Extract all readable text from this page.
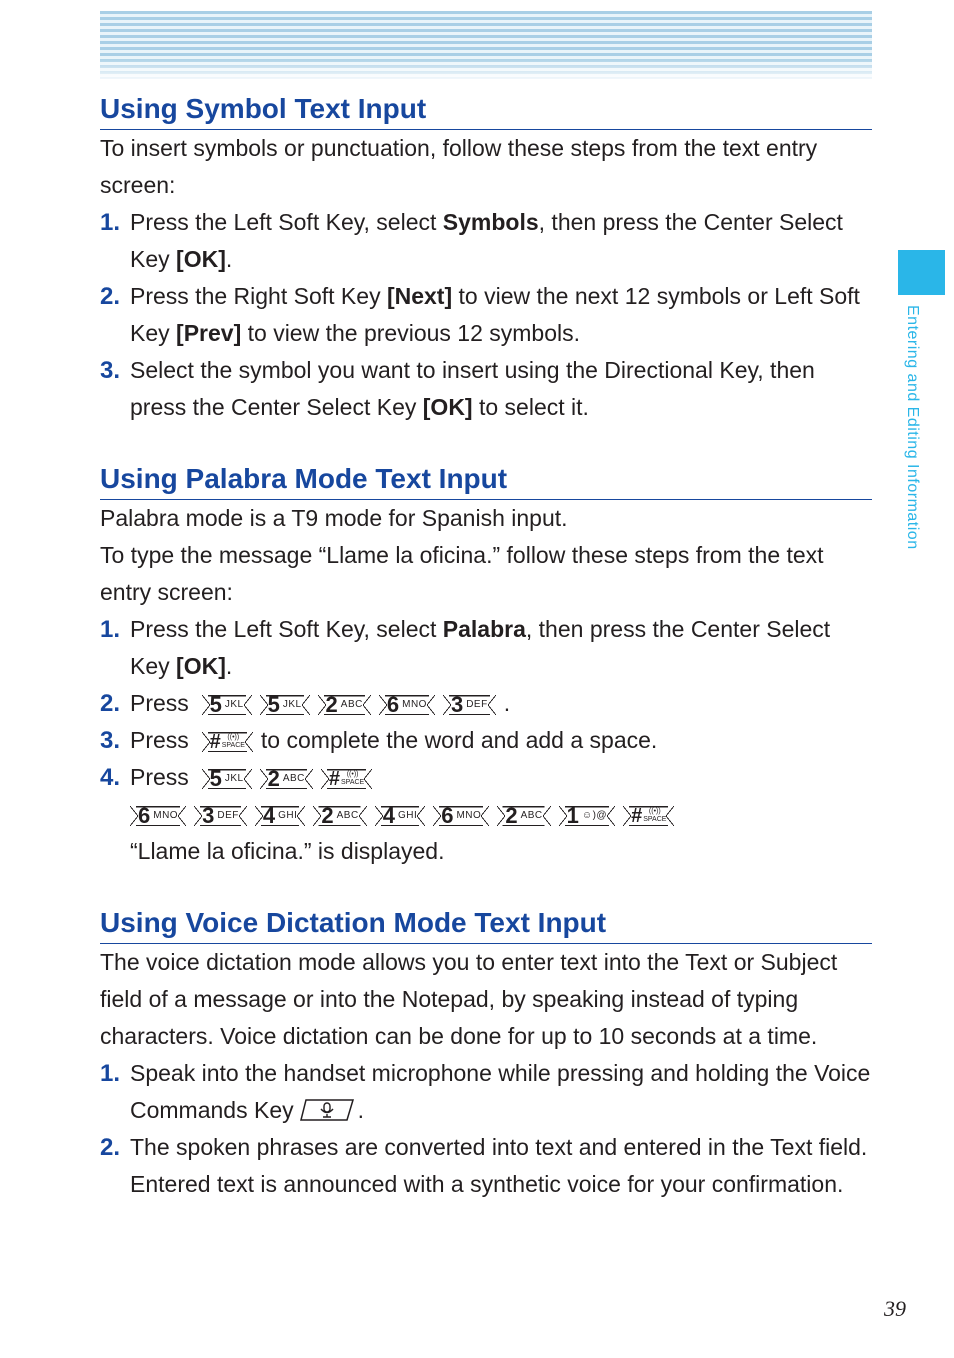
Entering and Editing Information
Using Symbol Text Input

To insert symbols or punctuation, follow these steps from the text entry screen:

1. Press the Left Soft Key, select Symbols, then press the Center Select Key [OK].
2. Press the Right Soft Key [Next] to view the next 12 symbols or Left Soft Key [Prev] to view the previous 12 symbols.
3. Select the symbol you want to insert using the Directional Key, then press the Center Select Key [OK] to select it.
Using Palabra Mode Text Input

Palabra mode is a T9 mode for Spanish input.

To type the message “Llame la oficina.” follow these steps from the text entry screen:

1. Press the Left Soft Key, select Palabra, then press the Center Select Key [OK].
2. Press 5 $^{JKL}$ 5 $^{JKL}$ 2 $^{ABC}$ 6 $^{MNO}$ 3 $^{DEF}$ .
3. Press # ((•))
SPACE to complete the word and add a space.
4. Press 5 $^{JKL}$ 2 $^{ABC}$ # ((•))
SPACE
6 $^{MNO}$ 3 $^{DEF}$ 4 $^{GHI}$ 2 $^{ABC}$ 4 $^{GHI}$ 6 $^{MNO}$ 2 $^{ABC}$ 1 ☺)@ # ((•))
SPACE
“Llame la oficina.” is displayed.
Using Voice Dictation Mode Text Input

The voice dictation mode allows you to enter text into the Text or Subject field of a message or into the Notepad, by speaking instead of typing characters. Voice dictation can be done for up to 10 seconds at a time.

1. Speak into the handset microphone while pressing and holding the Voice Commands Key	.
2. The spoken phrases are converted into text and entered in the Text field. Entered text is announced with a synthetic voice for your confirmation.
39
